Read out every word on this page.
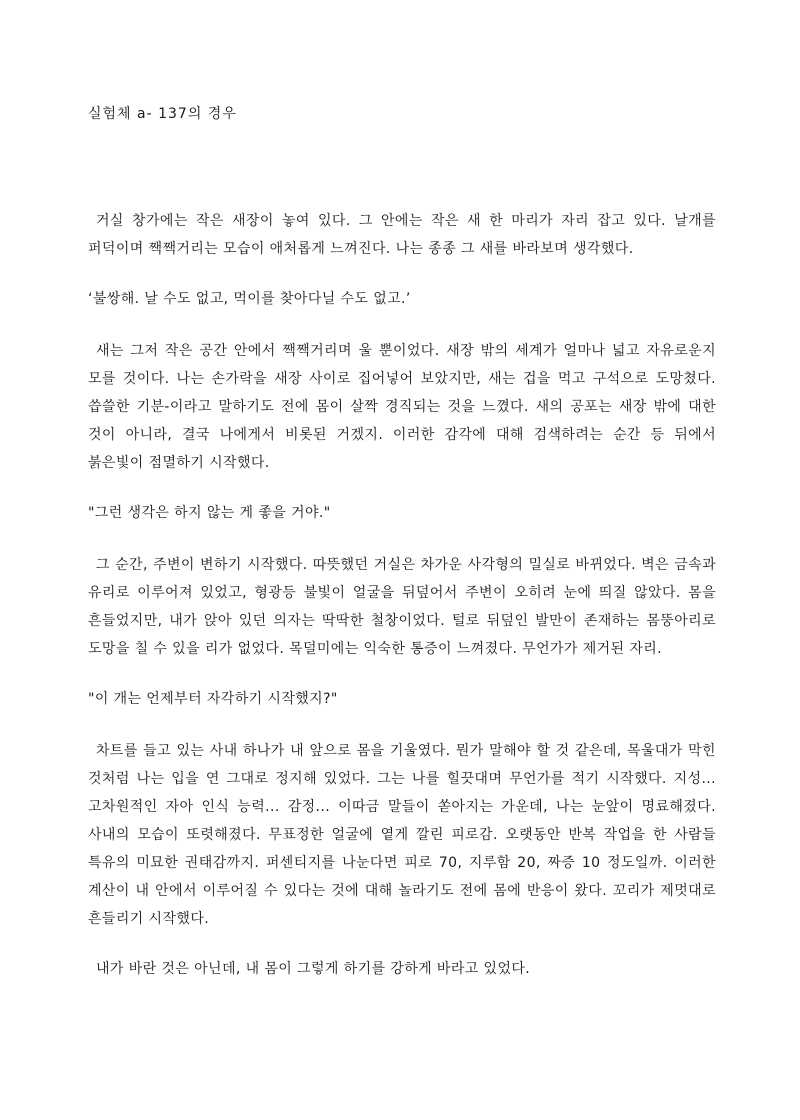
실험체 a- 137의 경우

거실 창가에는 작은 새장이 놓여 있다. 그 안에는 작은 새 한 마리가 자리 잡고 있다. 날개를 퍼덕이며 짹짹거리는 모습이 애처롭게 느껴진다. 나는 종종 그 새를 바라보며 생각했다.

‘불쌍해. 날 수도 없고, 먹이를 찾아다닐 수도 없고.’

새는 그저 작은 공간 안에서 짹짹거리며 울 뿐이었다. 새장 밖의 세계가 얼마나 넓고 자유로운지 모를 것이다. 나는 손가락을 새장 사이로 집어넣어 보았지만, 새는 겁을 먹고 구석으로 도망쳤다. 씁쓸한 기분-이라고 말하기도 전에 몸이 살짝 경직되는 것을 느꼈다. 새의 공포는 새장 밖에 대한 것이 아니라, 결국 나에게서 비롯된 거겠지. 이러한 감각에 대해 검색하려는 순간 등 뒤에서 붉은빛이 점멸하기 시작했다.

"그런 생각은 하지 않는 게 좋을 거야."

그 순간, 주변이 변하기 시작했다. 따뜻했던 거실은 차가운 사각형의 밀실로 바뀌었다. 벽은 금속과 유리로 이루어져 있었고, 형광등 불빛이 얼굴을 뒤덮어서 주변이 오히려 눈에 띄질 않았다. 몸을 흔들었지만, 내가 앉아 있던 의자는 딱딱한 철창이었다. 털로 뒤덮인 발만이 존재하는 몸뚱아리로 도망을 칠 수 있을 리가 없었다. 목덜미에는 익숙한 통증이 느껴졌다. 무언가가 제거된 자리.

"이 개는 언제부터 자각하기 시작했지?"

차트를 들고 있는 사내 하나가 내 앞으로 몸을 기울였다. 뭔가 말해야 할 것 같은데, 목울대가 막힌 것처럼 나는 입을 연 그대로 정지해 있었다. 그는 나를 힐끗대며 무언가를 적기 시작했다. 지성... 고차원적인 자아 인식 능력... 감정... 이따금 말들이 쏟아지는 가운데, 나는 눈앞이 명료해졌다. 사내의 모습이 또렷해졌다. 무표정한 얼굴에 옅게 깔린 피로감. 오랫동안 반복 작업을 한 사람들 특유의 미묘한 권태감까지. 퍼센티지를 나눈다면 피로 70, 지루함 20, 짜증 10 정도일까. 이러한 계산이 내 안에서 이루어질 수 있다는 것에 대해 놀라기도 전에 몸에 반응이 왔다. 꼬리가 제멋대로 흔들리기 시작했다.

내가 바란 것은 아닌데, 내 몸이 그렇게 하기를 강하게 바라고 있었다.
